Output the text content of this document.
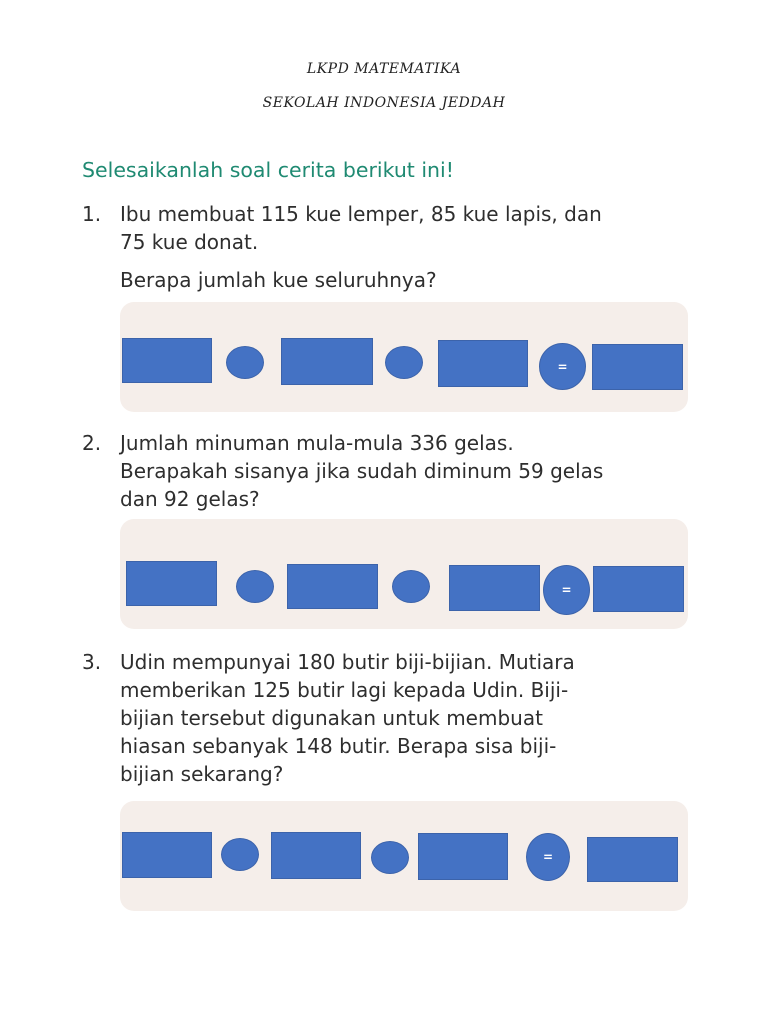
LKPD MATEMATIKA
SEKOLAH INDONESIA JEDDAH
Selesaikanlah soal cerita berikut ini!
1. Ibu membuat 115 kue lemper, 85 kue lapis, dan
75 kue donat.
Berapa jumlah kue seluruhnya?
=
2. Jumlah minuman mula-mula 336 gelas.
Berapakah sisanya jika sudah diminum 59 gelas
dan 92 gelas?
=
3. Udin mempunyai 180 butir biji-bijian. Mutiara
memberikan 125 butir lagi kepada Udin. Biji-
bijian tersebut digunakan untuk membuat
hiasan sebanyak 148 butir. Berapa sisa biji-
bijian sekarang?
=
